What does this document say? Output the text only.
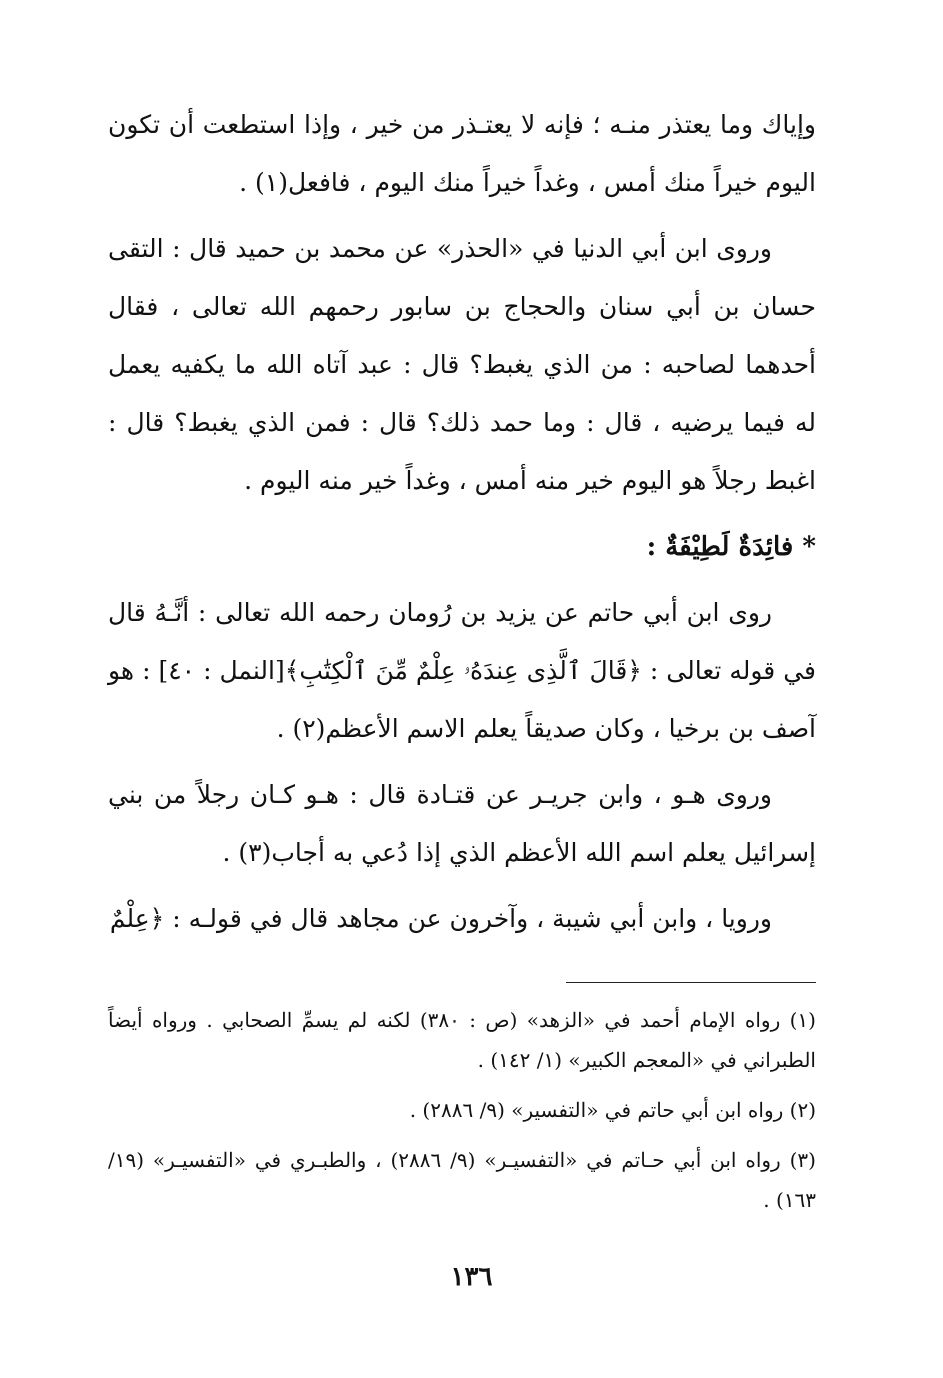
وإياك وما يعتذر منـه ؛ فإنه لا يعتـذر من خير ، وإذا استطعت أن تكون اليوم خيراً منك أمس ، وغداً خيراً منك اليوم ، فافعل(١) .

وروى ابن أبي الدنيا في «الحذر» عن محمد بن حميد قال : التقى حسان بن أبي سنان والحجاج بن سابور رحمهم الله تعالى ، فقال أحدهما لصاحبه : من الذي يغبط؟ قال : عبد آتاه الله ما يكفيه يعمل له فيما يرضيه ، قال : وما حمد ذلك؟ قال : فمن الذي يغبط؟ قال : اغبط رجلاً هو اليوم خير منه أمس ، وغداً خير منه اليوم .

* فائِدَةٌ لَطِيْفَةٌ :

روى ابن أبي حاتم عن يزيد بن رُومان رحمه الله تعالى : أنَّـهُ قال في قوله تعالى : ﴿قَالَ ٱلَّذِى عِندَهُۥ عِلْمٌ مِّنَ ٱلْكِتَٰبِ﴾[النمل : ٤٠] : هو آصف بن برخيا ، وكان صديقاً يعلم الاسم الأعظم(٢) .

وروى هـو ، وابن جريـر عن قتـادة قال : هـو كـان رجلاً من بني إسرائيل يعلم اسم الله الأعظم الذي إذا دُعي به أجاب(٣) .

ورويا ، وابن أبي شيبة ، وآخرون عن مجاهد قال في قولـه : ﴿عِلْمٌ

(١) رواه الإمام أحمد في «الزهد» (ص : ٣٨٠) لكنه لم يسمِّ الصحابي . ورواه أيضاً الطبراني في «المعجم الكبير» (١/ ١٤٢) .

(٢) رواه ابن أبي حاتم في «التفسير» (٩/ ٢٨٨٦) .

(٣) رواه ابن أبي حـاتم في «التفسيـر» (٩/ ٢٨٨٦) ، والطبـري في «التفسيـر» (١٩/ ١٦٣) .

١٣٦
